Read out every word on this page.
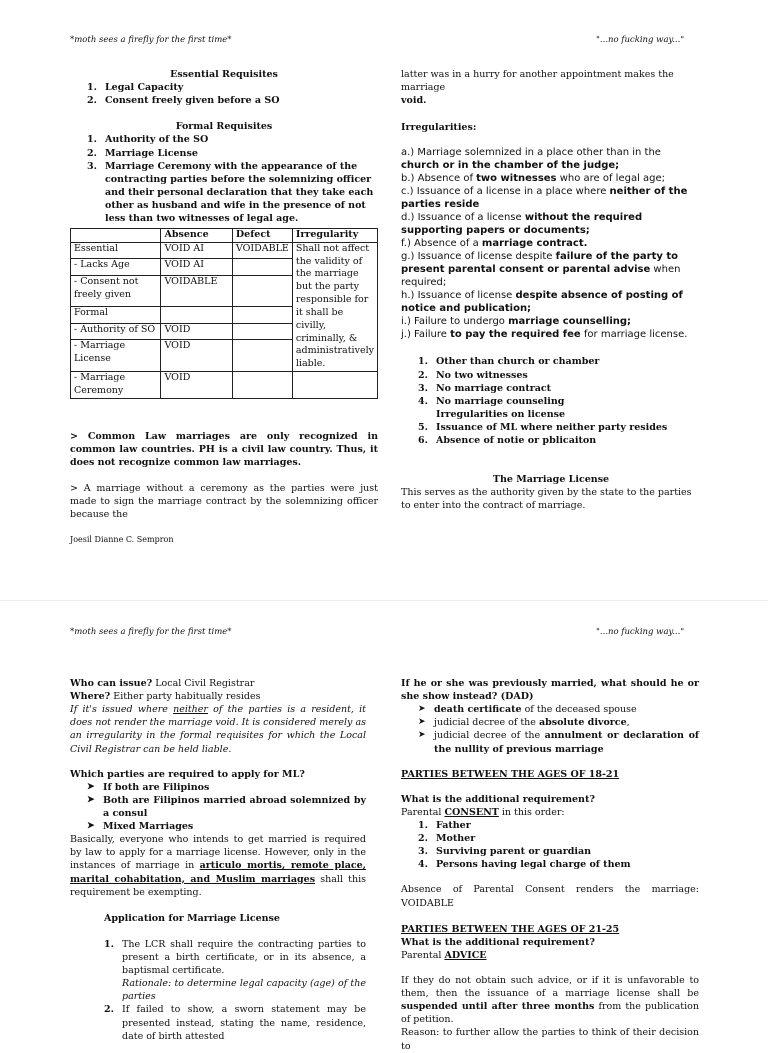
*moth sees a firefly for the first time*	"...no fucking way..."
Essential Requisites
1. Legal Capacity
2. Consent freely given before a SO
Formal Requisites
1. Authority of the SO
2. Marriage License
3. Marriage Ceremony with the appearance of the contracting parties before the solemnizing officer and their personal declaration that they take each other as husband and wife in the presence of not less than two witnesses of legal age.
	Absence	Defect	Irregularity
Essential	VOID AI	VOIDABLE	Shall not affect the validity of the marriage but the party responsible for it shall be civilly, criminally, & administratively liable.
- Lacks Age	VOID AI		
- Consent not freely given	VOIDABLE		
Formal			
- Authority of SO	VOID		
- Marriage License	VOID		
- Marriage Ceremony	VOID		
> Common Law marriages are only recognized in common law countries. PH is a civil law country. Thus, it does not recognize common law marriages.
> A marriage without a ceremony as the parties were just made to sign the marriage contract by the solemnizing officer because the
Joesil Dianne C. Sempron
latter was in a hurry for another appointment makes the marriage
void.
Irregularities:
a.) Marriage solemnized in a place other than in the church or in the chamber of the judge;
b.) Absence of two witnesses who are of legal age;
c.) Issuance of a license in a place where neither of the parties reside
d.) Issuance of a license without the required supporting papers or documents;
f.) Absence of a marriage contract.
g.) Issuance of license despite failure of the party to present parental consent or parental advise when required;
h.) Issuance of license despite absence of posting of notice and publication;
i.) Failure to undergo marriage counselling;
j.) Failure to pay the required fee for marriage license.
1. Other than church or chamber
2. No two witnesses
3. No marriage contract
4. No marriage counseling
Irregularities on license
5. Issuance of ML where neither party resides
6. Absence of notie or pblicaiton
The Marriage License
This serves as the authority given by the state to the parties to enter into the contract of marriage.
*moth sees a firefly for the first time*	"...no fucking way..."
Who can issue? Local Civil Registrar
Where? Either party habitually resides
If it's issued where neither of the parties is a resident, it does not render the marriage void. It is considered merely as an irregularity in the formal requisites for which the Local Civil Registrar can be held liable.
Which parties are required to apply for ML?
➤ If both are Filipinos
➤ Both are Filipinos married abroad solemnized by a consul
➤ Mixed Marriages
Basically, everyone who intends to get married is required by law to apply for a marriage license. However, only in the instances of marriage in articulo mortis, remote place, marital cohabitation, and Muslim marriages shall this requirement be exempting.
Application for Marriage License
1. The LCR shall require the contracting parties to present a birth certificate, or in its absence, a baptismal certificate.
Rationale: to determine legal capacity (age) of the parties
2. If failed to show, a sworn statement may be presented instead, stating the name, residence, date of birth attested
If he or she was previously married, what should he or she show instead? (DAD)
➤ death certificate of the deceased spouse
➤ judicial decree of the absolute divorce,
➤ judicial decree of the annulment or declaration of the nullity of previous marriage
PARTIES BETWEEN THE AGES OF 18-21
What is the additional requirement?
Parental CONSENT in this order:
1. Father
2. Mother
3. Surviving parent or guardian
4. Persons having legal charge of them
Absence of Parental Consent renders the marriage: VOIDABLE
PARTIES BETWEEN THE AGES OF 21-25
What is the additional requirement?
Parental ADVICE
If they do not obtain such advice, or if it is unfavorable to them, then the issuance of a marriage license shall be suspended until after three months from the publication of petition.
Reason: to further allow the parties to think of their decision to
